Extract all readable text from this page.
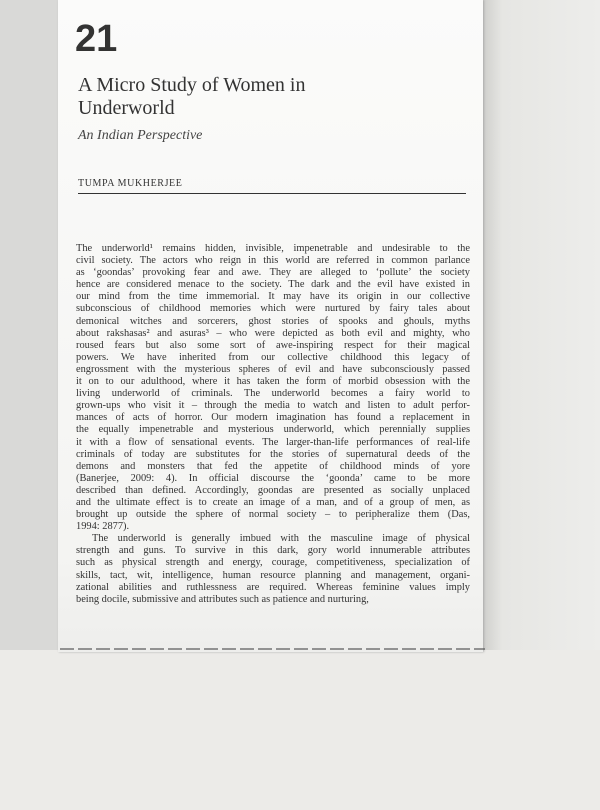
21
A Micro Study of Women in
Underworld
An Indian Perspective
TUMPA MUKHERJEE
The underworld¹ remains hidden, invisible, impenetrable and undesirable to the
civil society. The actors who reign in this world are referred in common parlance
as ‘goondas’ provoking fear and awe. They are alleged to ‘pollute’ the society
hence are considered menace to the society. The dark and the evil have existed in
our mind from the time immemorial. It may have its origin in our collective
subconscious of childhood memories which were nurtured by fairy tales about
demonical witches and sorcerers, ghost stories of spooks and ghouls, myths
about rakshasas² and asuras³ – who were depicted as both evil and mighty, who
roused fears but also some sort of awe-inspiring respect for their magical
powers. We have inherited from our collective childhood this legacy of
engrossment with the mysterious spheres of evil and have subconsciously passed
it on to our adulthood, where it has taken the form of morbid obsession with the
living underworld of criminals. The underworld becomes a fairy world to
grown-ups who visit it – through the media to watch and listen to adult perfor-
mances of acts of horror. Our modern imagination has found a replacement in
the equally impenetrable and mysterious underworld, which perennially supplies
it with a flow of sensational events. The larger-than-life performances of real-life
criminals of today are substitutes for the stories of supernatural deeds of the
demons and monsters that fed the appetite of childhood minds of yore
(Banerjee, 2009: 4). In official discourse the ‘goonda’ came to be more
described than defined. Accordingly, goondas are presented as socially unplaced
and the ultimate effect is to create an image of a man, and of a group of men, as
brought up outside the sphere of normal society – to peripheralize them (Das,
1994: 2877).
The underworld is generally imbued with the masculine image of physical
strength and guns. To survive in this dark, gory world innumerable attributes
such as physical strength and energy, courage, competitiveness, specialization of
skills, tact, wit, intelligence, human resource planning and management, organi-
zational abilities and ruthlessness are required. Whereas feminine values imply
being docile, submissive and attributes such as patience and nurturing,
